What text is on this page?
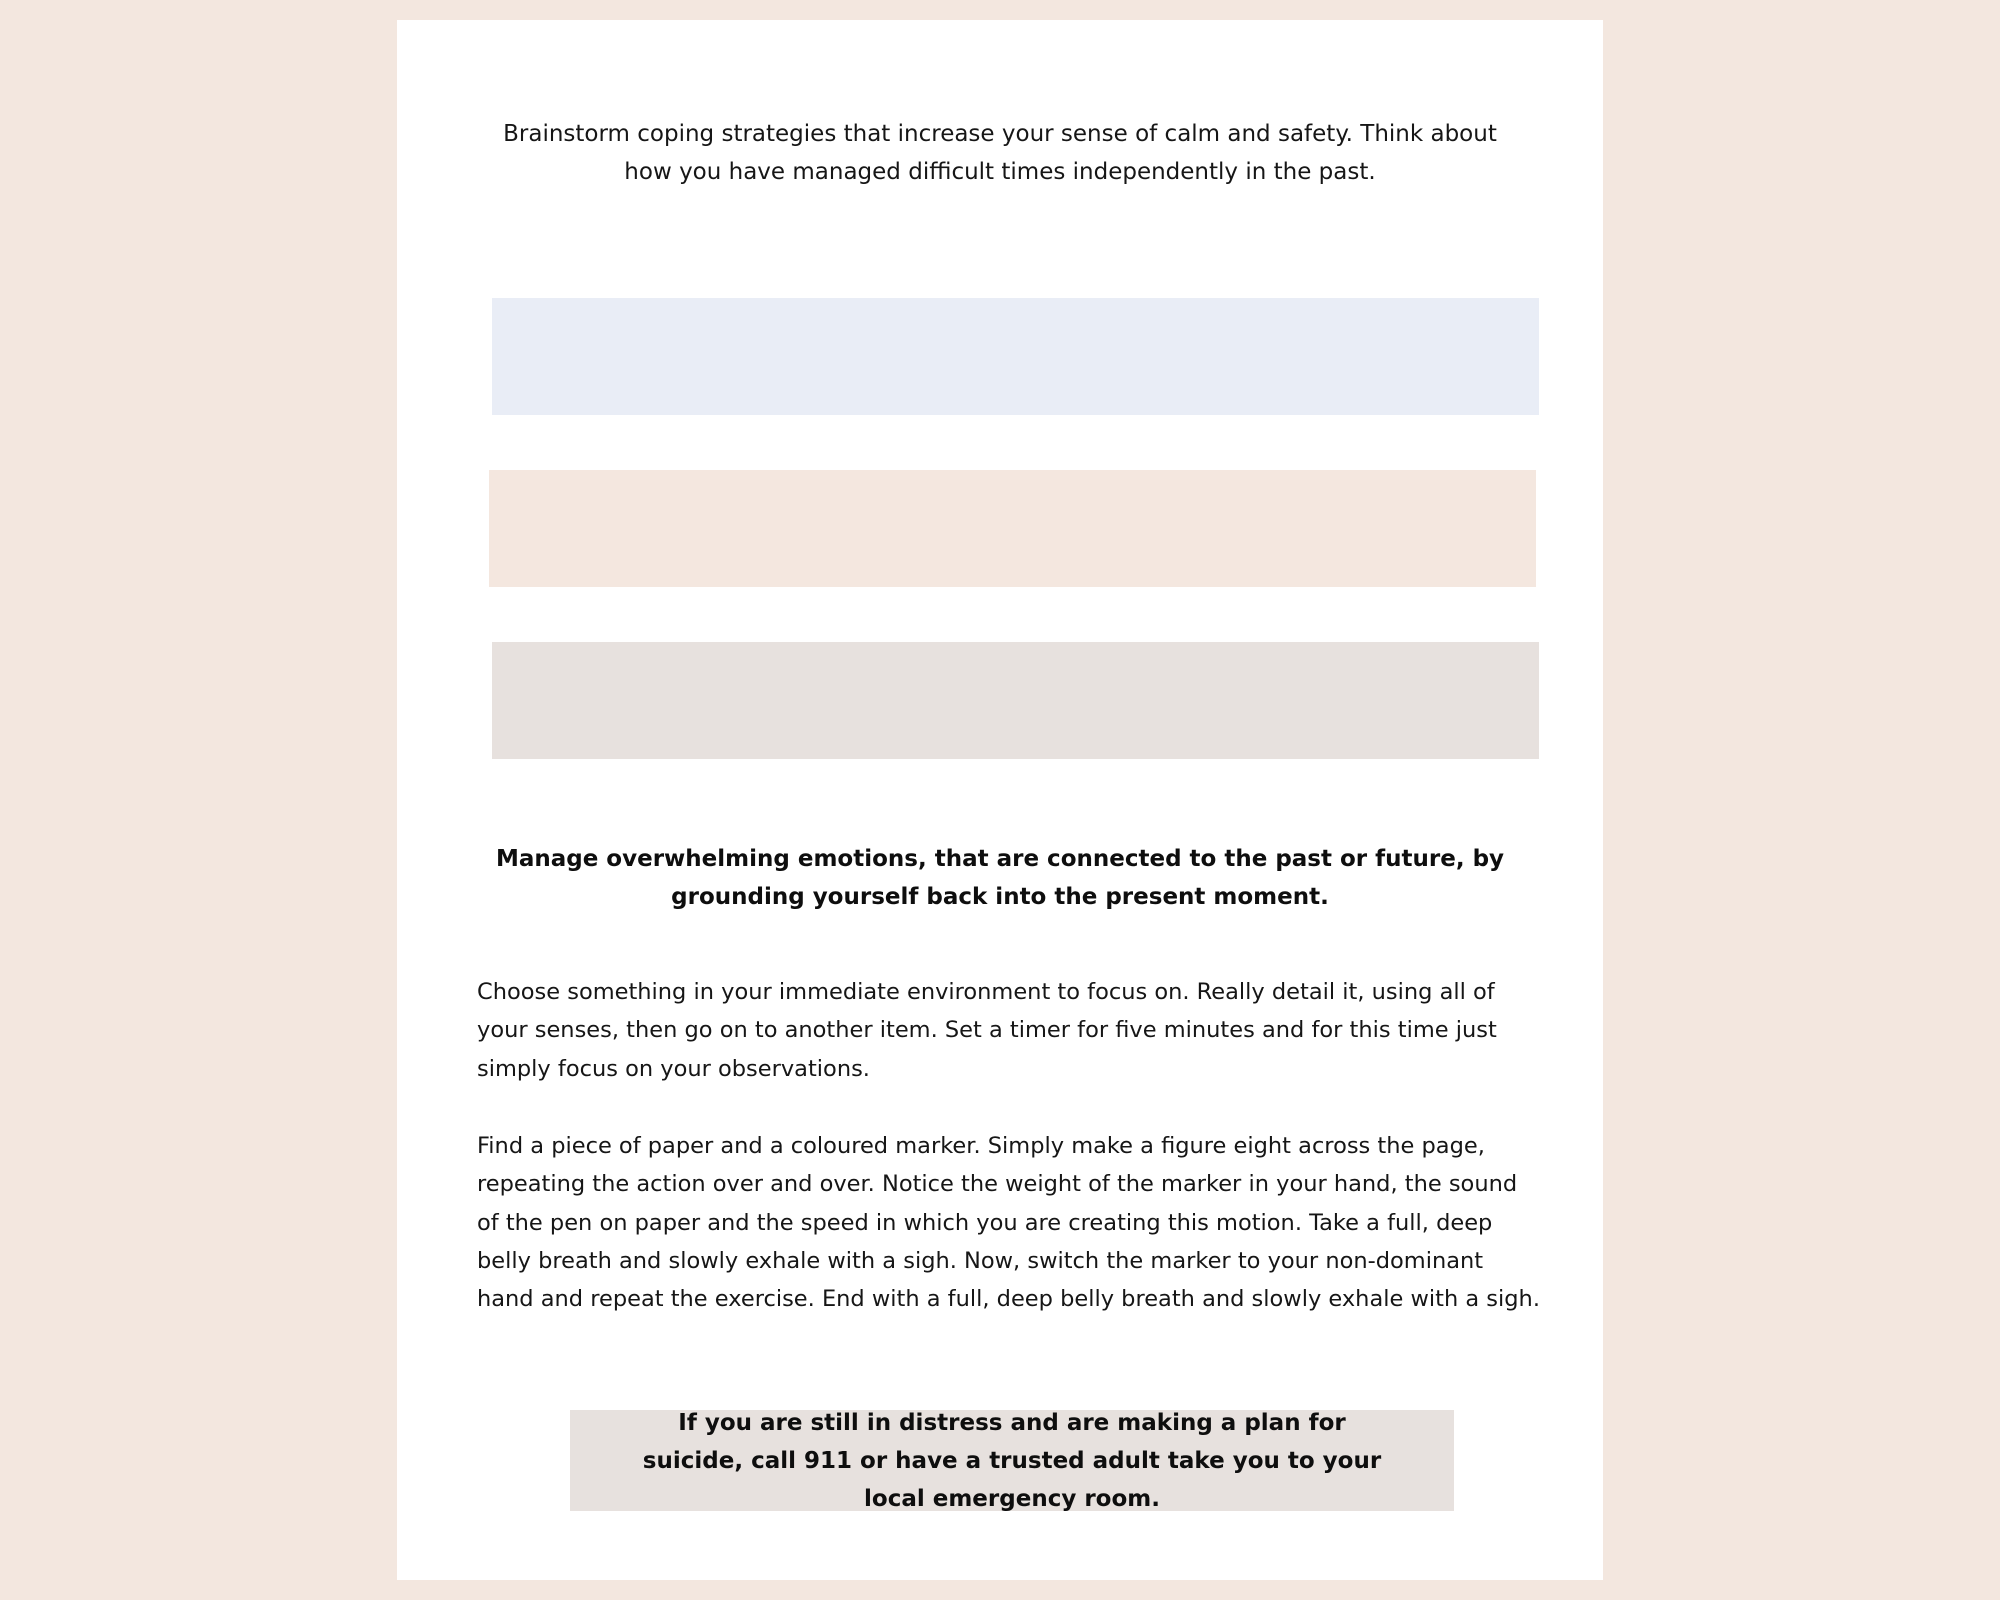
Brainstorm coping strategies that increase your sense of calm and safety. Think about how you have managed difficult times independently in the past.

Manage overwhelming emotions, that are connected to the past or future, by grounding yourself back into the present moment.

Choose something in your immediate environment to focus on. Really detail it, using all of your senses, then go on to another item. Set a timer for five minutes and for this time just simply focus on your observations.

Find a piece of paper and a coloured marker. Simply make a figure eight across the page, repeating the action over and over. Notice the weight of the marker in your hand, the sound of the pen on paper and the speed in which you are creating this motion. Take a full, deep belly breath and slowly exhale with a sigh. Now, switch the marker to your non-dominant hand and repeat the exercise. End with a full, deep belly breath and slowly exhale with a sigh.

If you are still in distress and are making a plan for suicide, call 911 or have a trusted adult take you to your local emergency room.
